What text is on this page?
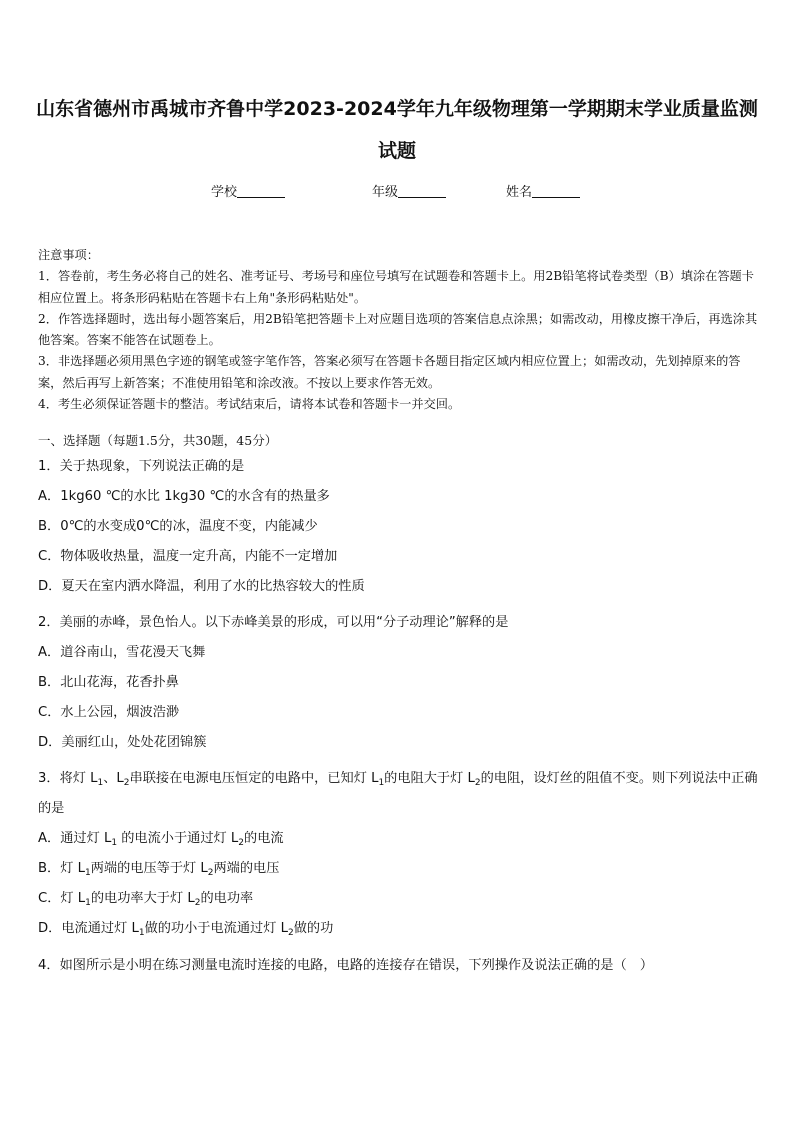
山东省德州市禹城市齐鲁中学2023-2024学年九年级物理第一学期期末学业质量监测
试题
学校	年级	姓名

注意事项：

1．答卷前，考生务必将自己的姓名、准考证号、考场号和座位号填写在试题卷和答题卡上。用2B铅笔将试卷类型（B）填涂在答题卡相应位置上。将条形码粘贴在答题卡右上角"条形码粘贴处"。

2．作答选择题时，选出每小题答案后，用2B铅笔把答题卡上对应题目选项的答案信息点涂黑；如需改动，用橡皮擦干净后，再选涂其他答案。答案不能答在试题卷上。

3．非选择题必须用黑色字迹的钢笔或签字笔作答，答案必须写在答题卡各题目指定区域内相应位置上；如需改动，先划掉原来的答案，然后再写上新答案；不准使用铅笔和涂改液。不按以上要求作答无效。

4．考生必须保证答题卡的整洁。考试结束后，请将本试卷和答题卡一并交回。

一、选择题（每题1.5分，共30题，45分）

1．关于热现象，下列说法正确的是

A．1kg60 ℃的水比 1kg30 ℃的水含有的热量多

B．0℃的水变成0℃的冰，温度不变，内能减少

C．物体吸收热量，温度一定升高，内能不一定增加

D．夏天在室内洒水降温，利用了水的比热容较大的性质

2．美丽的赤峰，景色怡人。以下赤峰美景的形成，可以用“分子动理论”解释的是

A．道谷南山，雪花漫天飞舞

B．北山花海，花香扑鼻

C．水上公园，烟波浩渺

D．美丽红山，处处花团锦簇

3．将灯 $L_1$、$L_2$串联接在电源电压恒定的电路中，已知灯 $L_1$的电阻大于灯 $L_2$的电阻，设灯丝的阻值不变。则下列说法中正确的是

A．通过灯 $L_1$ 的电流小于通过灯 $L_2$的电流

B．灯 $L_1$两端的电压等于灯 $L_2$两端的电压

C．灯 $L_1$的电功率大于灯 $L_2$的电功率

D．电流通过灯 $L_1$做的功小于电流通过灯 $L_2$做的功

4．如图所示是小明在练习测量电流时连接的电路，电路的连接存在错误，下列操作及说法正确的是（　）
